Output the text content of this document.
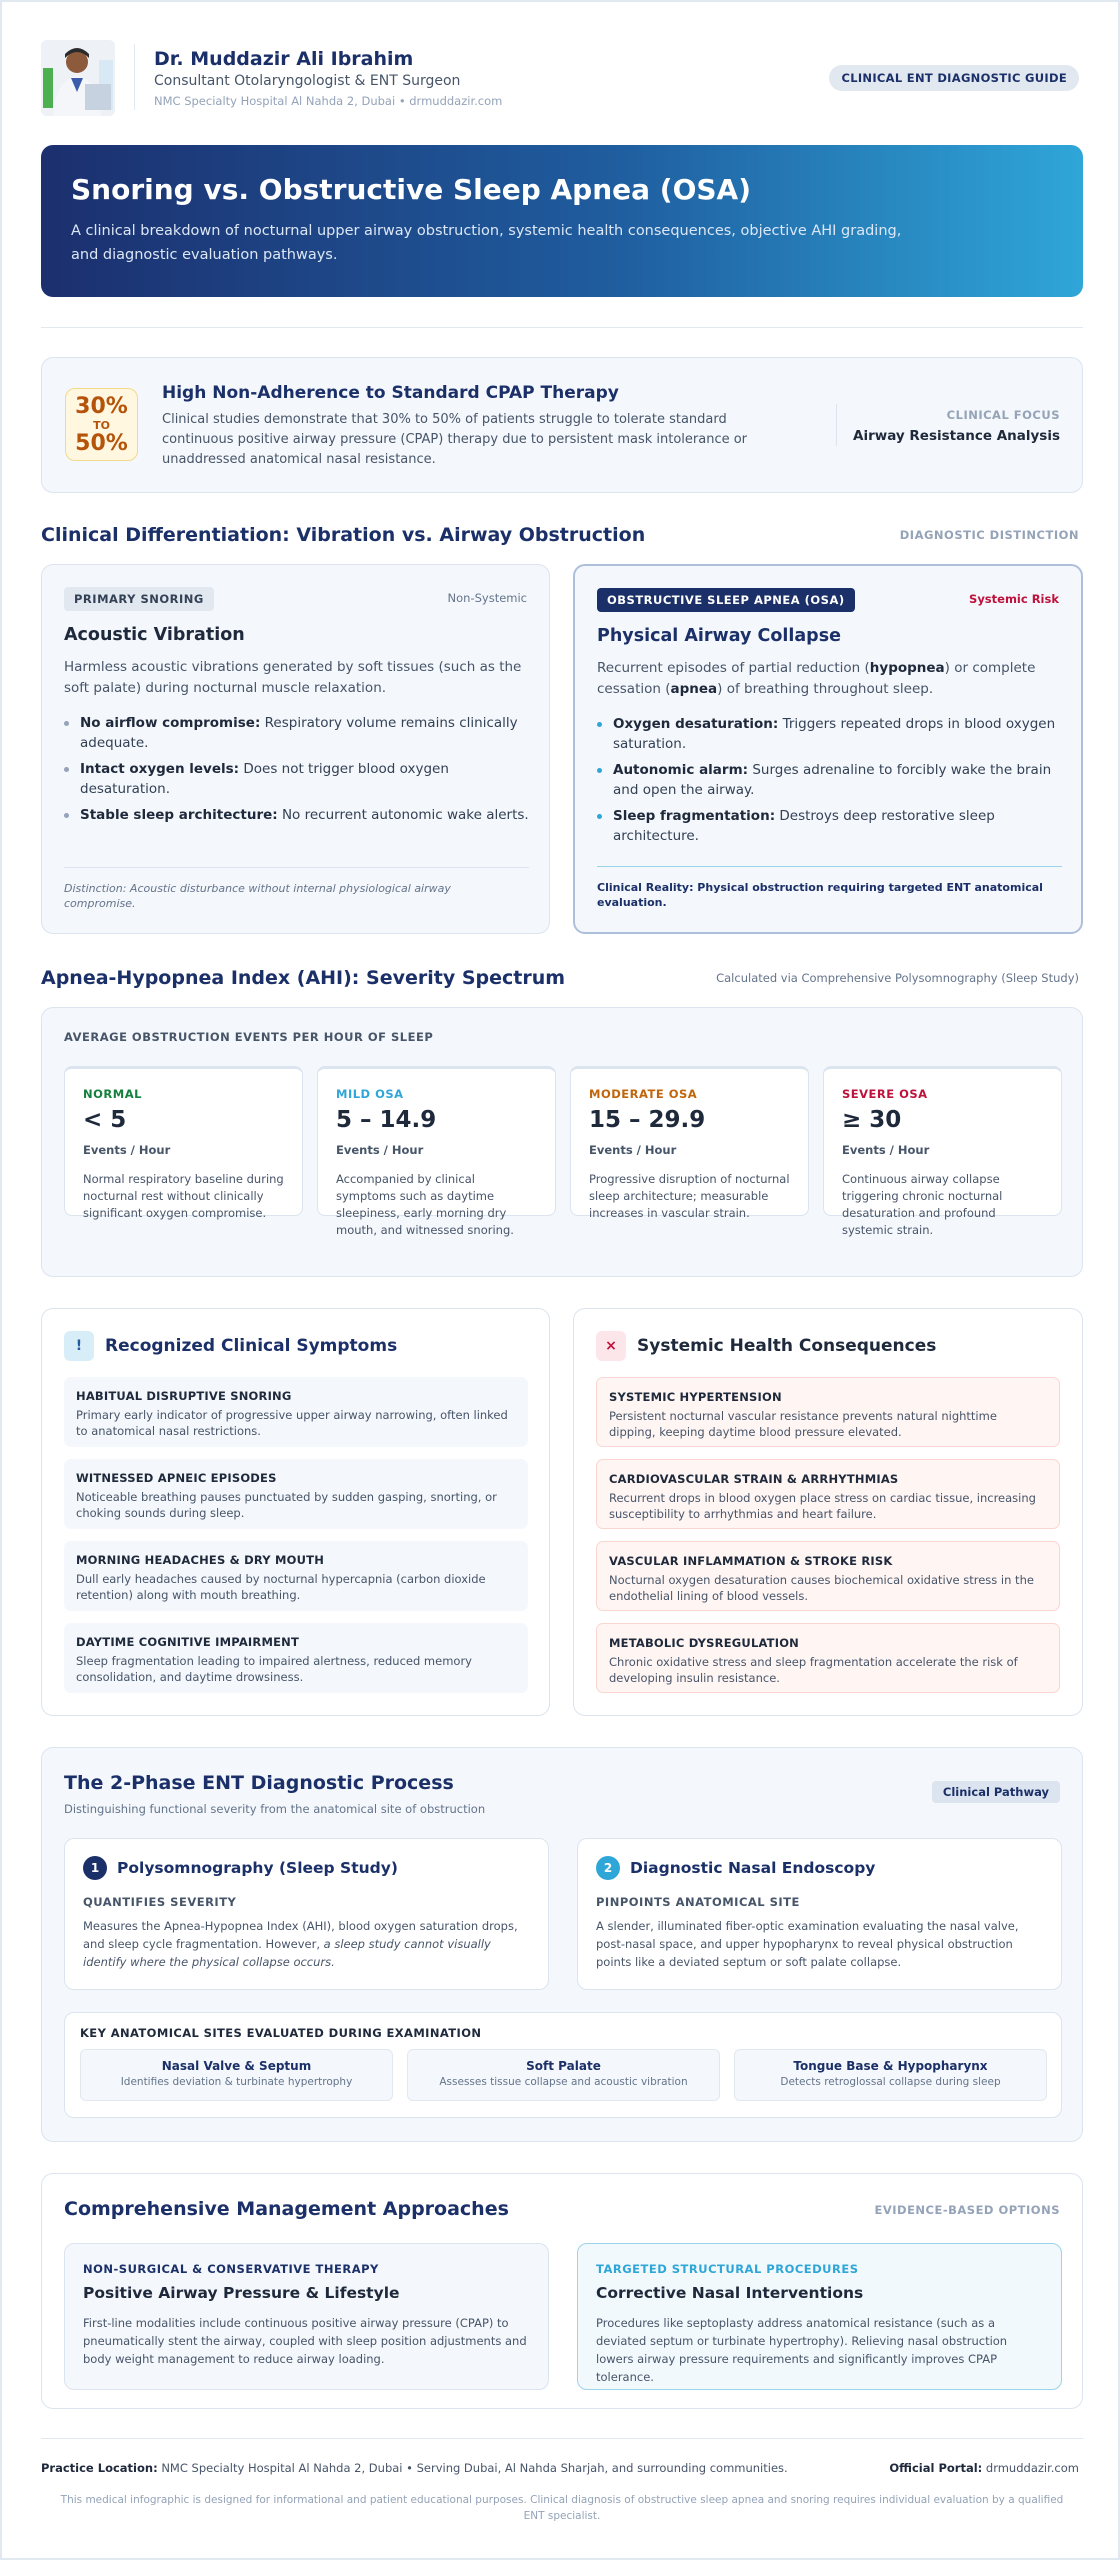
Dr. Muddazir Ali Ibrahim
Consultant Otolaryngologist & ENT Surgeon
NMC Specialty Hospital Al Nahda 2, Dubai • drmuddazir.com
CLINICAL ENT DIAGNOSTIC GUIDE
Snoring vs. Obstructive Sleep Apnea (OSA)

A clinical breakdown of nocturnal upper airway obstruction, systemic health consequences, objective AHI grading, and diagnostic evaluation pathways.

30%
TO
50%
High Non-Adherence to Standard CPAP Therapy
Clinical studies demonstrate that 30% to 50% of patients struggle to tolerate standard continuous positive airway pressure (CPAP) therapy due to persistent mask intolerance or unaddressed anatomical nasal resistance.
CLINICAL FOCUS
Airway Resistance Analysis
Clinical Differentiation: Vibration vs. Airway Obstruction	DIAGNOSTIC DISTINCTION
PRIMARY SNORING	Non-Systemic
Acoustic Vibration
Harmless acoustic vibrations generated by soft tissues (such as the soft palate) during nocturnal muscle relaxation.
No airflow compromise: Respiratory volume remains clinically adequate.
Intact oxygen levels: Does not trigger blood oxygen desaturation.
Stable sleep architecture: No recurrent autonomic wake alerts.
Distinction: Acoustic disturbance without internal physiological airway compromise.
OBSTRUCTIVE SLEEP APNEA (OSA)	Systemic Risk
Physical Airway Collapse
Recurrent episodes of partial reduction (hypopnea) or complete cessation (apnea) of breathing throughout sleep.
Oxygen desaturation: Triggers repeated drops in blood oxygen saturation.
Autonomic alarm: Surges adrenaline to forcibly wake the brain and open the airway.
Sleep fragmentation: Destroys deep restorative sleep architecture.
Clinical Reality: Physical obstruction requiring targeted ENT anatomical evaluation.
Apnea-Hypopnea Index (AHI): Severity Spectrum	Calculated via Comprehensive Polysomnography (Sleep Study)
AVERAGE OBSTRUCTION EVENTS PER HOUR OF SLEEP
NORMAL
< 5
Events / Hour
Normal respiratory baseline during nocturnal rest without clinically significant oxygen compromise.
MILD OSA
5 – 14.9
Events / Hour
Accompanied by clinical symptoms such as daytime sleepiness, early morning dry mouth, and witnessed snoring.
MODERATE OSA
15 – 29.9
Events / Hour
Progressive disruption of nocturnal sleep architecture; measurable increases in vascular strain.
SEVERE OSA
≥ 30
Events / Hour
Continuous airway collapse triggering chronic nocturnal desaturation and profound systemic strain.
!	Recognized Clinical Symptoms
HABITUAL DISRUPTIVE SNORING
Primary early indicator of progressive upper airway narrowing, often linked to anatomical nasal restrictions.
WITNESSED APNEIC EPISODES
Noticeable breathing pauses punctuated by sudden gasping, snorting, or choking sounds during sleep.
MORNING HEADACHES & DRY MOUTH
Dull early headaches caused by nocturnal hypercapnia (carbon dioxide retention) along with mouth breathing.
DAYTIME COGNITIVE IMPAIRMENT
Sleep fragmentation leading to impaired alertness, reduced memory consolidation, and daytime drowsiness.
×	Systemic Health Consequences
SYSTEMIC HYPERTENSION
Persistent nocturnal vascular resistance prevents natural nighttime dipping, keeping daytime blood pressure elevated.
CARDIOVASCULAR STRAIN & ARRHYTHMIAS
Recurrent drops in blood oxygen place stress on cardiac tissue, increasing susceptibility to arrhythmias and heart failure.
VASCULAR INFLAMMATION & STROKE RISK
Nocturnal oxygen desaturation causes biochemical oxidative stress in the endothelial lining of blood vessels.
METABOLIC DYSREGULATION
Chronic oxidative stress and sleep fragmentation accelerate the risk of developing insulin resistance.
The 2-Phase ENT Diagnostic Process
Distinguishing functional severity from the anatomical site of obstruction
Clinical Pathway
1	Polysomnography (Sleep Study)
QUANTIFIES SEVERITY
Measures the Apnea-Hypopnea Index (AHI), blood oxygen saturation drops, and sleep cycle fragmentation. However, a sleep study cannot visually identify where the physical collapse occurs.
2	Diagnostic Nasal Endoscopy
PINPOINTS ANATOMICAL SITE
A slender, illuminated fiber-optic examination evaluating the nasal valve, post-nasal space, and upper hypopharynx to reveal physical obstruction points like a deviated septum or soft palate collapse.
KEY ANATOMICAL SITES EVALUATED DURING EXAMINATION
Nasal Valve & Septum
Identifies deviation & turbinate hypertrophy
Soft Palate
Assesses tissue collapse and acoustic vibration
Tongue Base & Hypopharynx
Detects retroglossal collapse during sleep
Comprehensive Management Approaches	EVIDENCE-BASED OPTIONS
NON-SURGICAL & CONSERVATIVE THERAPY
Positive Airway Pressure & Lifestyle
First-line modalities include continuous positive airway pressure (CPAP) to pneumatically stent the airway, coupled with sleep position adjustments and body weight management to reduce airway loading.
TARGETED STRUCTURAL PROCEDURES
Corrective Nasal Interventions
Procedures like septoplasty address anatomical resistance (such as a deviated septum or turbinate hypertrophy). Relieving nasal obstruction lowers airway pressure requirements and significantly improves CPAP tolerance.
Practice Location: NMC Specialty Hospital Al Nahda 2, Dubai • Serving Dubai, Al Nahda Sharjah, and surrounding communities.	Official Portal: drmuddazir.com
This medical infographic is designed for informational and patient educational purposes. Clinical diagnosis of obstructive sleep apnea and snoring requires individual evaluation by a qualified ENT specialist.
